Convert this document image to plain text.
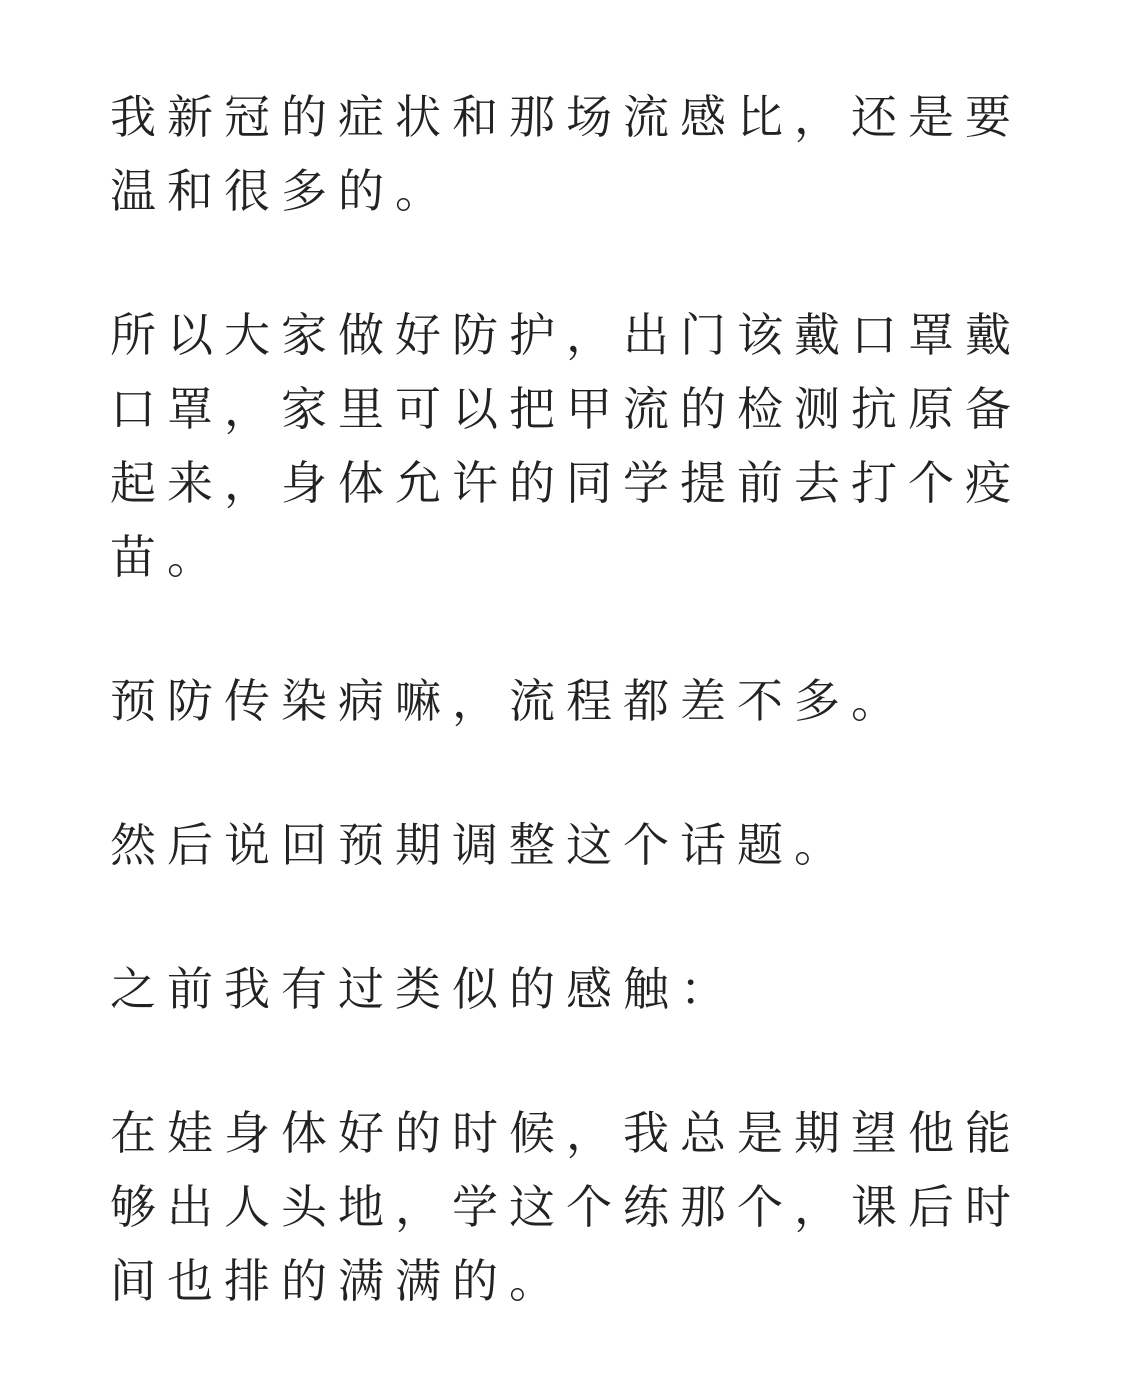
我新冠的症状和那场流感比，还是要温和很多的。

所以大家做好防护，出门该戴口罩戴口罩，家里可以把甲流的检测抗原备起来，身体允许的同学提前去打个疫苗。

预防传染病嘛，流程都差不多。

然后说回预期调整这个话题。

之前我有过类似的感触：

在娃身体好的时候，我总是期望他能够出人头地，学这个练那个，课后时间也排的满满的。
